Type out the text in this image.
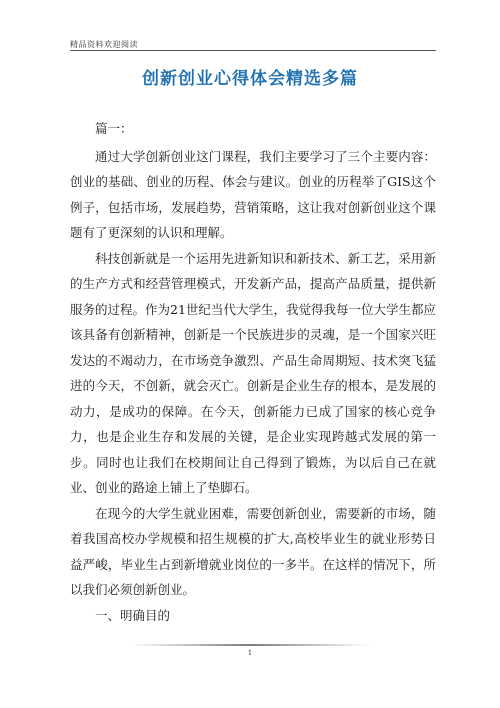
精品资料欢迎阅读
创新创业心得体会精选多篇

篇一：

通过大学创新创业这门课程，我们主要学习了三个主要内容：创业的基础、创业的历程、体会与建议。创业的历程举了GIS这个例子，包括市场，发展趋势，营销策略，这让我对创新创业这个课题有了更深刻的认识和理解。

科技创新就是一个运用先进新知识和新技术、新工艺，采用新的生产方式和经营管理模式，开发新产品，提高产品质量，提供新服务的过程。作为21世纪当代大学生，我觉得我每一位大学生都应该具备有创新精神，创新是一个民族进步的灵魂，是一个国家兴旺发达的不竭动力，在市场竞争激烈、产品生命周期短、技术突飞猛进的今天，不创新，就会灭亡。创新是企业生存的根本，是发展的动力，是成功的保障。在今天，创新能力已成了国家的核心竞争力，也是企业生存和发展的关键，是企业实现跨越式发展的第一步。同时也让我们在校期间让自己得到了锻炼，为以后自己在就业、创业的路途上铺上了垫脚石。

在现今的大学生就业困难，需要创新创业，需要新的市场，随着我国高校办学规模和招生规模的扩大,高校毕业生的就业形势日益严峻，毕业生占到新增就业岗位的一多半。在这样的情况下，所以我们必须创新创业。

一、明确目的

1
